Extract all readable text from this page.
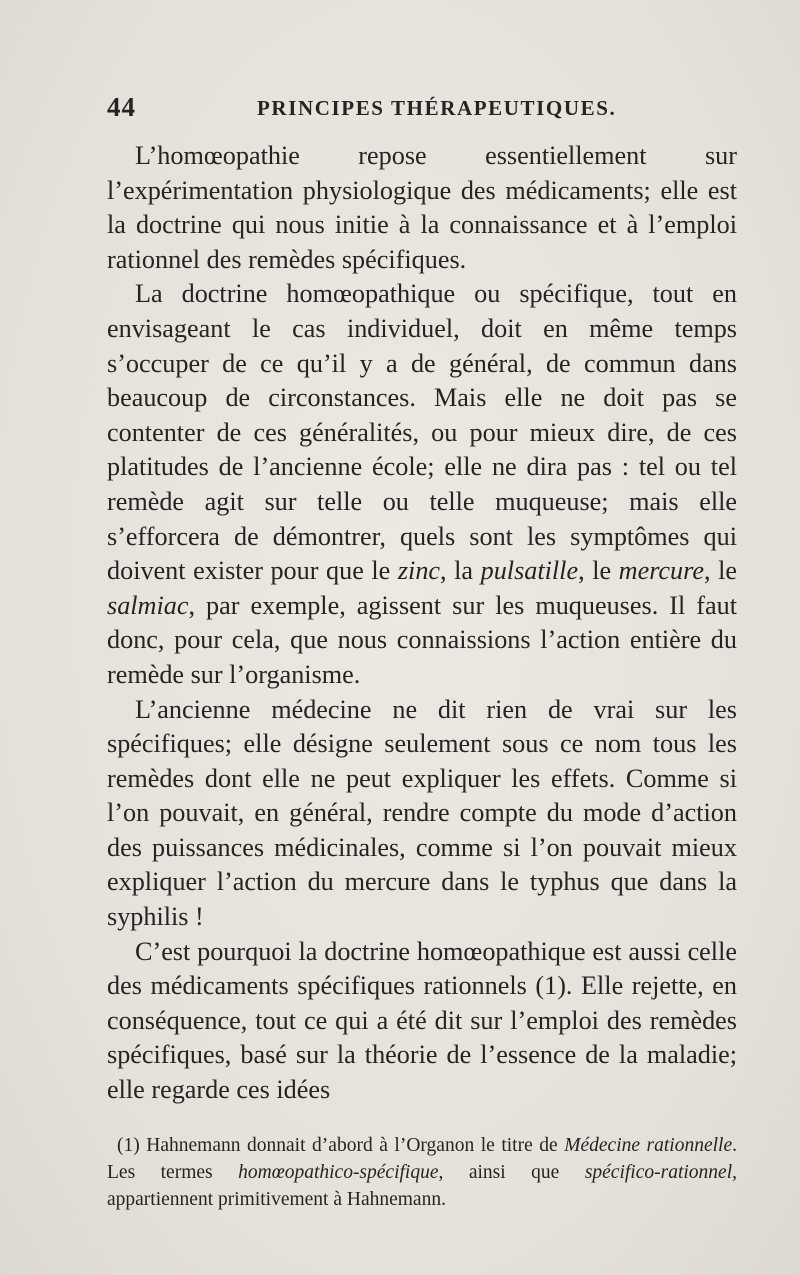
44	PRINCIPES THÉRAPEUTIQUES.

L’homœopathie repose essentiellement sur l’expérimentation physiologique des médicaments; elle est la doctrine qui nous initie à la connaissance et à l’emploi rationnel des remèdes spécifiques.

La doctrine homœopathique ou spécifique, tout en envisageant le cas individuel, doit en même temps s’occuper de ce qu’il y a de général, de commun dans beaucoup de circonstances. Mais elle ne doit pas se contenter de ces généralités, ou pour mieux dire, de ces platitudes de l’ancienne école; elle ne dira pas : tel ou tel remède agit sur telle ou telle muqueuse; mais elle s’efforcera de démontrer, quels sont les symptômes qui doivent exister pour que le zinc, la pulsatille, le mercure, le salmiac, par exemple, agissent sur les muqueuses. Il faut donc, pour cela, que nous connaissions l’action entière du remède sur l’organisme.

L’ancienne médecine ne dit rien de vrai sur les spécifiques; elle désigne seulement sous ce nom tous les remèdes dont elle ne peut expliquer les effets. Comme si l’on pouvait, en général, rendre compte du mode d’action des puissances médicinales, comme si l’on pouvait mieux expliquer l’action du mercure dans le typhus que dans la syphilis !

C’est pourquoi la doctrine homœopathique est aussi celle des médicaments spécifiques rationnels (1). Elle rejette, en conséquence, tout ce qui a été dit sur l’emploi des remèdes spécifiques, basé sur la théorie de l’essence de la maladie; elle regarde ces idées

(1) Hahnemann donnait d’abord à l’Organon le titre de Médecine rationnelle. Les termes homœopathico-spécifique, ainsi que spécifico-rationnel, appartiennent primitivement à Hahnemann.
